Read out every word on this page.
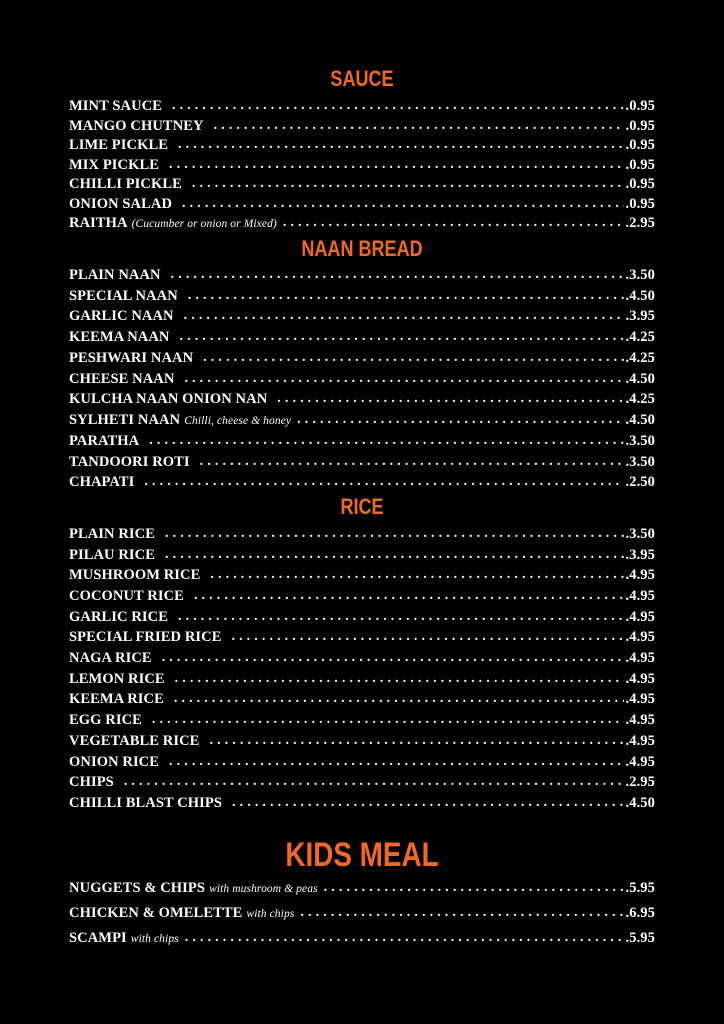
SAUCE
MINT SAUCE . . .	.0.95
MANGO CHUTNEY . . .	.0.95
LIME PICKLE . . .	.0.95
MIX PICKLE . . .	.0.95
CHILLI PICKLE . . .	.0.95
ONION SALAD . . .	.0.95
RAITHA (Cucumber or onion or Mixed) . . .	.2.95
NAAN BREAD
PLAIN NAAN . . .	.3.50
SPECIAL NAAN . . .	.4.50
GARLIC NAAN . . .	.3.95
KEEMA NAAN . . .	.4.25
PESHWARI NAAN . . .	.4.25
CHEESE NAAN . . .	.4.50
KULCHA NAAN ONION NAN . . .	.4.25
SYLHETI NAAN Chilli, cheese & honey . . .	.4.50
PARATHA . . .	.3.50
TANDOORI ROTI . . .	.3.50
CHAPATI . . .	.2.50
RICE
PLAIN RICE . . .	.3.50
PILAU RICE . . .	.3.95
MUSHROOM RICE . . .	.4.95
COCONUT RICE . . .	.4.95
GARLIC RICE . . .	.4.95
SPECIAL FRIED RICE . . .	.4.95
NAGA RICE . . .	.4.95
LEMON RICE . . .	.4.95
KEEMA RICE . . .	.4.95
EGG RICE . . .	.4.95
VEGETABLE RICE . . .	.4.95
ONION RICE . . .	.4.95
CHIPS . . .	.2.95
CHILLI BLAST CHIPS . . .	.4.50
KIDS MEAL
NUGGETS & CHIPS with mushroom & peas . . .	.5.95
CHICKEN & OMELETTE with chips . . .	.6.95
SCAMPI with chips . . .	.5.95
